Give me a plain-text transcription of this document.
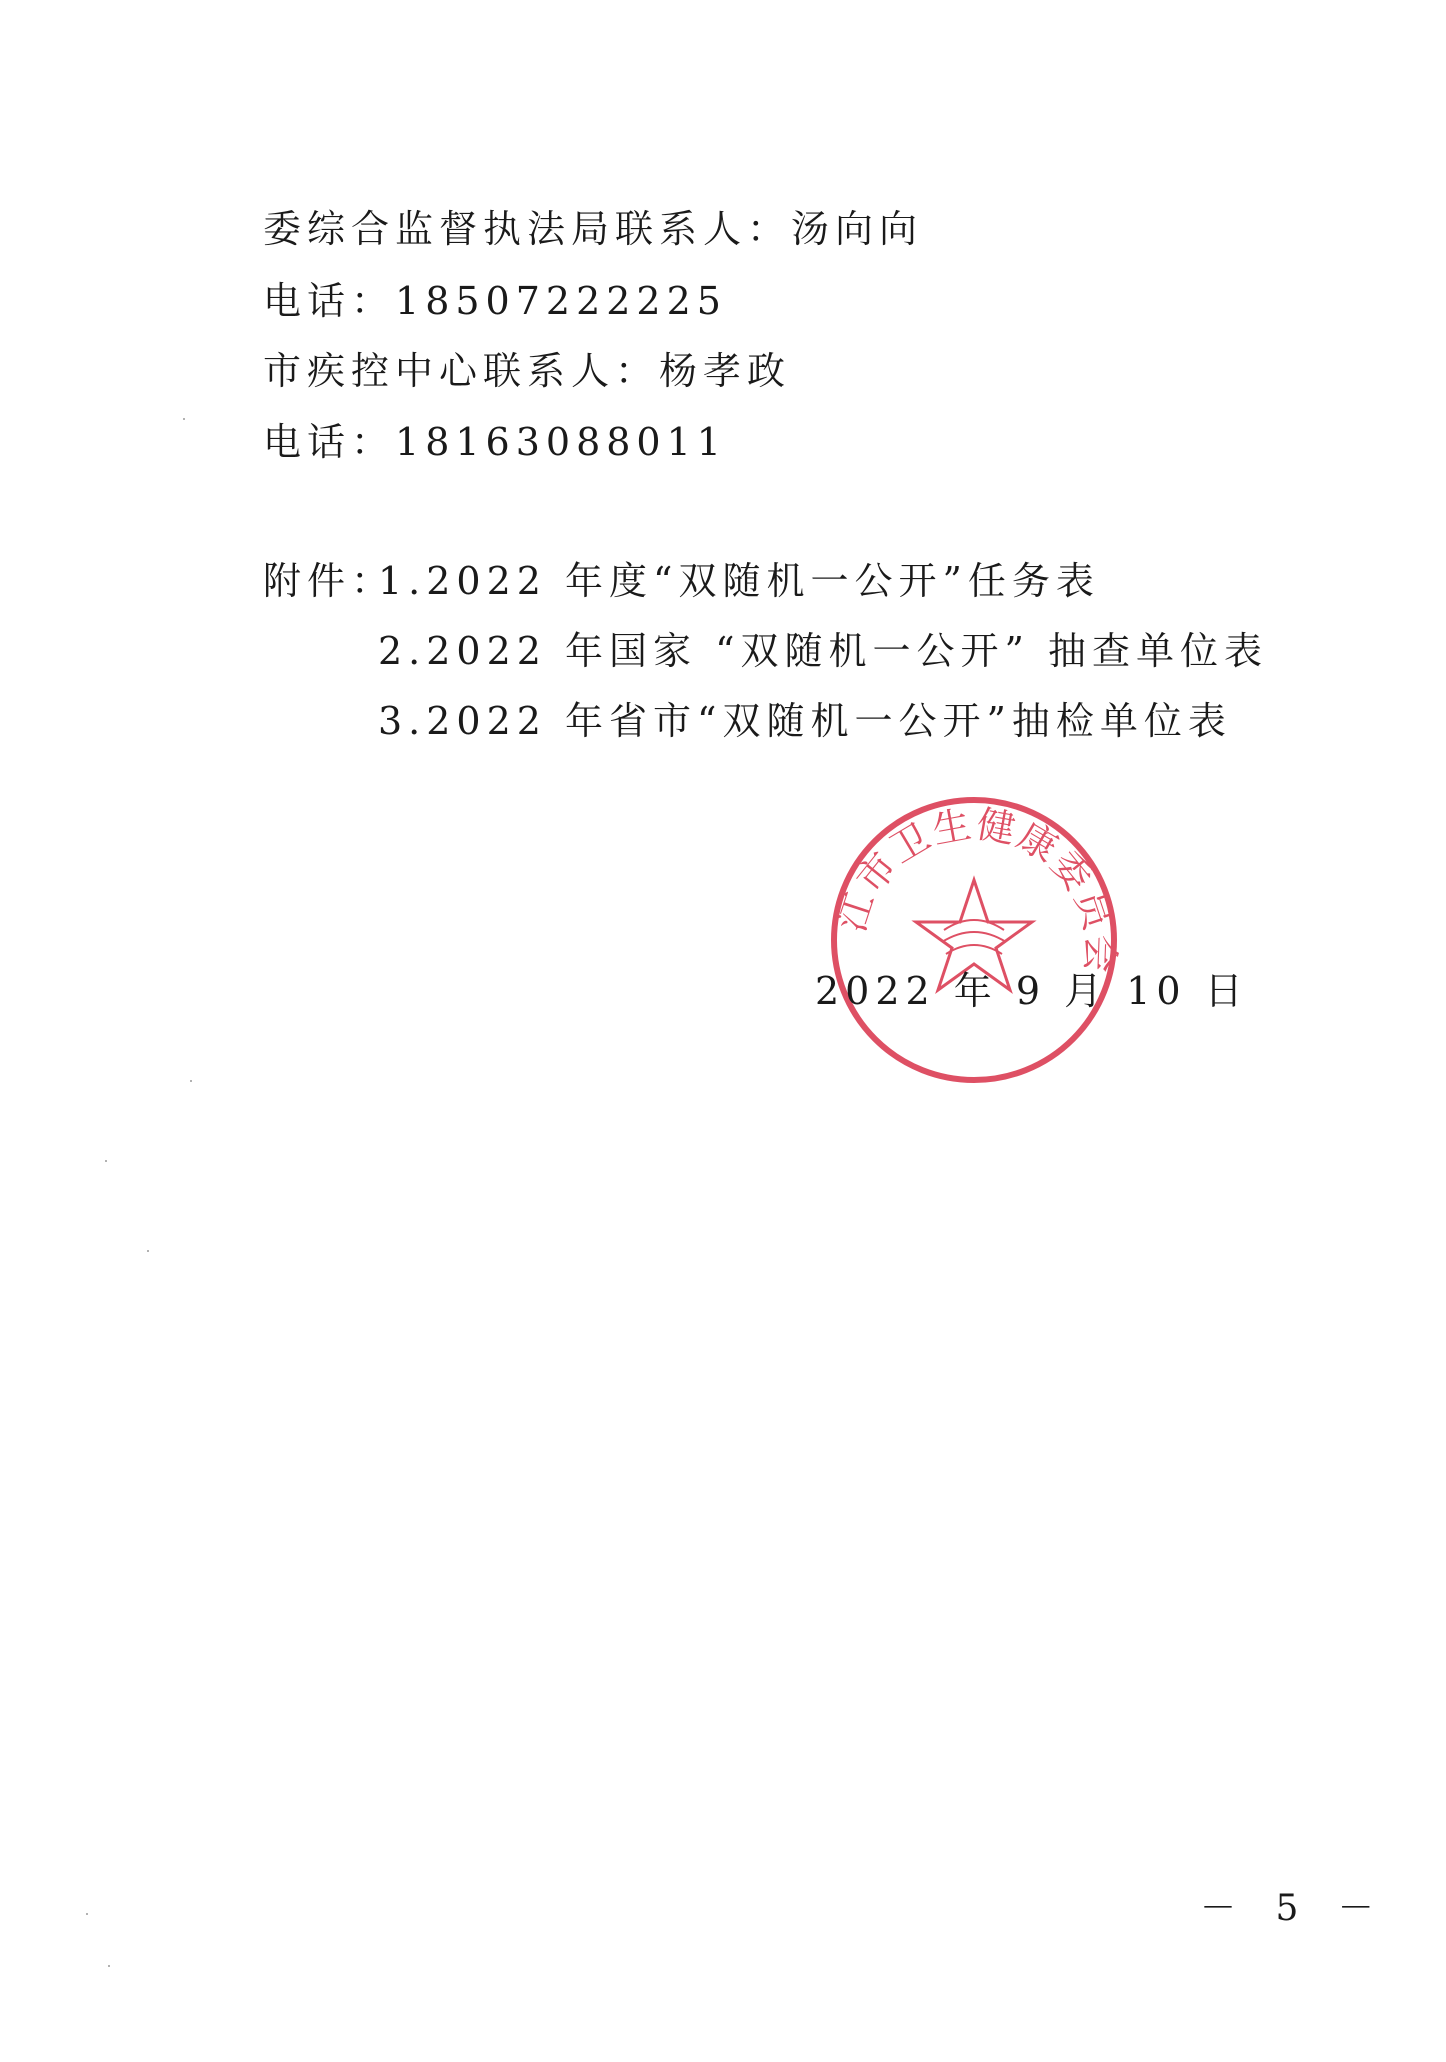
委综合监督执法局联系人：汤向向
电话：18507222225
市疾控中心联系人：杨孝政
电话：18163088011
附件：
1.2022 年度“双随机一公开”任务表
2.2022 年国家 “双随机一公开” 抽查单位表
3.2022 年省市“双随机一公开”抽检单位表
江市卫生健康委员会
2022 年 9 月 10 日
－ 5 －
